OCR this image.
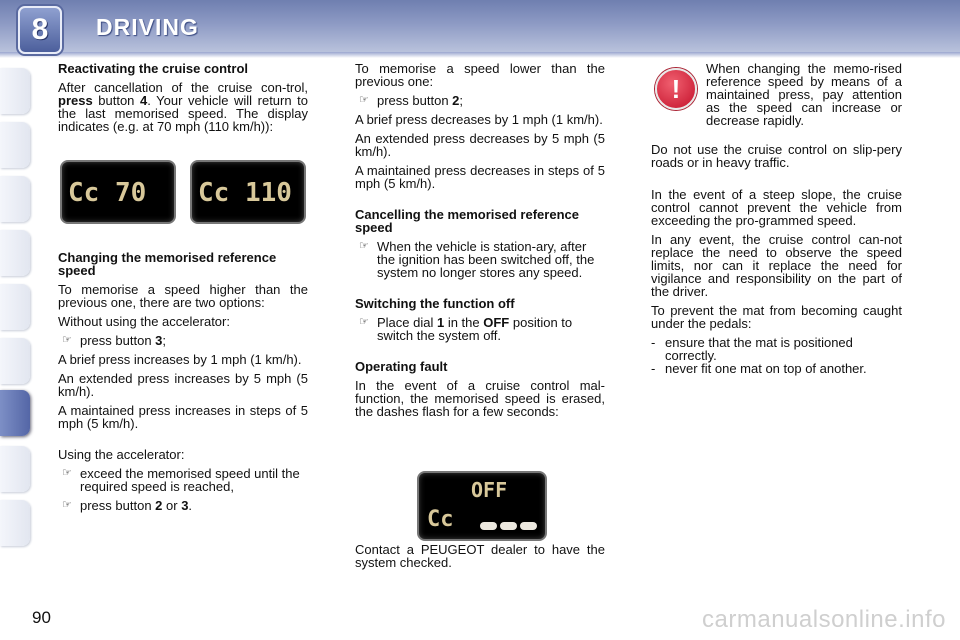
8	DRIVING
Reactivating the cruise control

After cancellation of the cruise con-trol, press button 4. Your vehicle will return to the last memorised speed. The display indicates (e.g. at 70 mph (110 km/h)):

Cc 70 Cc 110
Changing the memorised reference speed

To memorise a speed higher than the previous one, there are two options:

Without using the accelerator:

☞ press button 3;

A brief press increases by 1 mph (1 km/h).

An extended press increases by 5 mph (5 km/h).

A maintained press increases in steps of 5 mph (5 km/h).

Using the accelerator:

☞ exceed the memorised speed until the required speed is reached,
☞ press button 2 or 3.

To memorise a speed lower than the previous one:

☞ press button 2;

A brief press decreases by 1 mph (1 km/h).

An extended press decreases by 5 mph (5 km/h).

A maintained press decreases in steps of 5 mph (5 km/h).

Cancelling the memorised reference speed
☞ When the vehicle is station-ary, after the ignition has been switched off, the system no longer stores any speed.
Switching the function off
☞ Place dial 1 in the OFF position to switch the system off.
Operating fault

In the event of a cruise control mal-function, the memorised speed is erased, the dashes flash for a few seconds:

OFF
Cc

Contact a PEUGEOT dealer to have the system checked.

!

When changing the memo-rised reference speed by means of a maintained press, pay attention as the speed can increase or decrease rapidly.

Do not use the cruise control on slip-pery roads or in heavy traffic.

In the event of a steep slope, the cruise control cannot prevent the vehicle from exceeding the pro-grammed speed.

In any event, the cruise control can-not replace the need to observe the speed limits, nor can it replace the need for vigilance and responsibility on the part of the driver.

To prevent the mat from becoming caught under the pedals:

- ensure that the mat is positioned correctly.
- never fit one mat on top of another.
90	carmanualsonline.info
